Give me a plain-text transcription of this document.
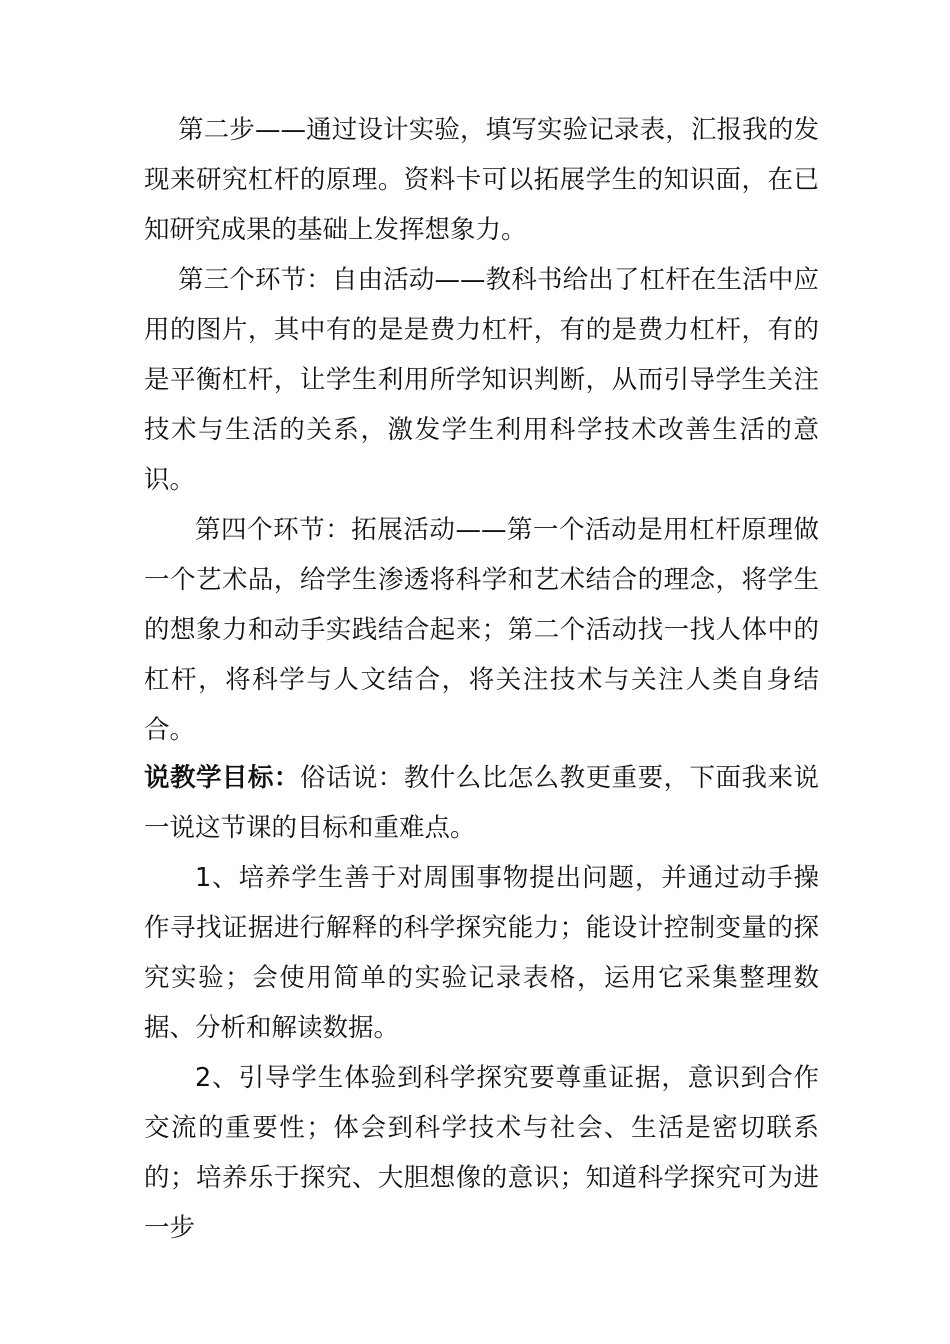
第二步——通过设计实验，填写实验记录表，汇报我的发现来研究杠杆的原理。资料卡可以拓展学生的知识面，在已知研究成果的基础上发挥想象力。

第三个环节：自由活动——教科书给出了杠杆在生活中应用的图片，其中有的是是费力杠杆，有的是费力杠杆，有的是平衡杠杆，让学生利用所学知识判断，从而引导学生关注技术与生活的关系，激发学生利用科学技术改善生活的意识。

第四个环节：拓展活动——第一个活动是用杠杆原理做一个艺术品，给学生渗透将科学和艺术结合的理念，将学生的想象力和动手实践结合起来；第二个活动找一找人体中的杠杆，将科学与人文结合，将关注技术与关注人类自身结合。

说教学目标：俗话说：教什么比怎么教更重要，下面我来说一说这节课的目标和重难点。

1、培养学生善于对周围事物提出问题，并通过动手操作寻找证据进行解释的科学探究能力；能设计控制变量的探究实验；会使用简单的实验记录表格，运用它采集整理数据、分析和解读数据。

2、引导学生体验到科学探究要尊重证据，意识到合作交流的重要性；体会到科学技术与社会、生活是密切联系的；培养乐于探究、大胆想像的意识；知道科学探究可为进一步
